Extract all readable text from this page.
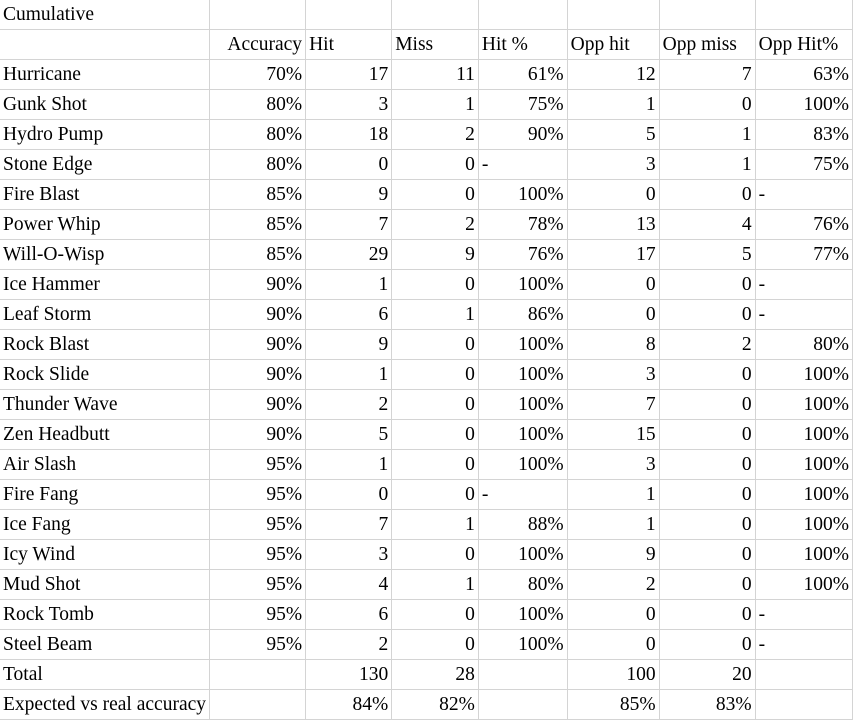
Cumulative							
	Accuracy	Hit	Miss	Hit %	Opp hit	Opp miss	Opp Hit%
Hurricane	70%	17	11	61%	12	7	63%
Gunk Shot	80%	3	1	75%	1	0	100%
Hydro Pump	80%	18	2	90%	5	1	83%
Stone Edge	80%	0	0	-	3	1	75%
Fire Blast	85%	9	0	100%	0	0	-
Power Whip	85%	7	2	78%	13	4	76%
Will-O-Wisp	85%	29	9	76%	17	5	77%
Ice Hammer	90%	1	0	100%	0	0	-
Leaf Storm	90%	6	1	86%	0	0	-
Rock Blast	90%	9	0	100%	8	2	80%
Rock Slide	90%	1	0	100%	3	0	100%
Thunder Wave	90%	2	0	100%	7	0	100%
Zen Headbutt	90%	5	0	100%	15	0	100%
Air Slash	95%	1	0	100%	3	0	100%
Fire Fang	95%	0	0	-	1	0	100%
Ice Fang	95%	7	1	88%	1	0	100%
Icy Wind	95%	3	0	100%	9	0	100%
Mud Shot	95%	4	1	80%	2	0	100%
Rock Tomb	95%	6	0	100%	0	0	-
Steel Beam	95%	2	0	100%	0	0	-
Total		130	28		100	20	
Expected vs real accuracy		84%	82%		85%	83%	
